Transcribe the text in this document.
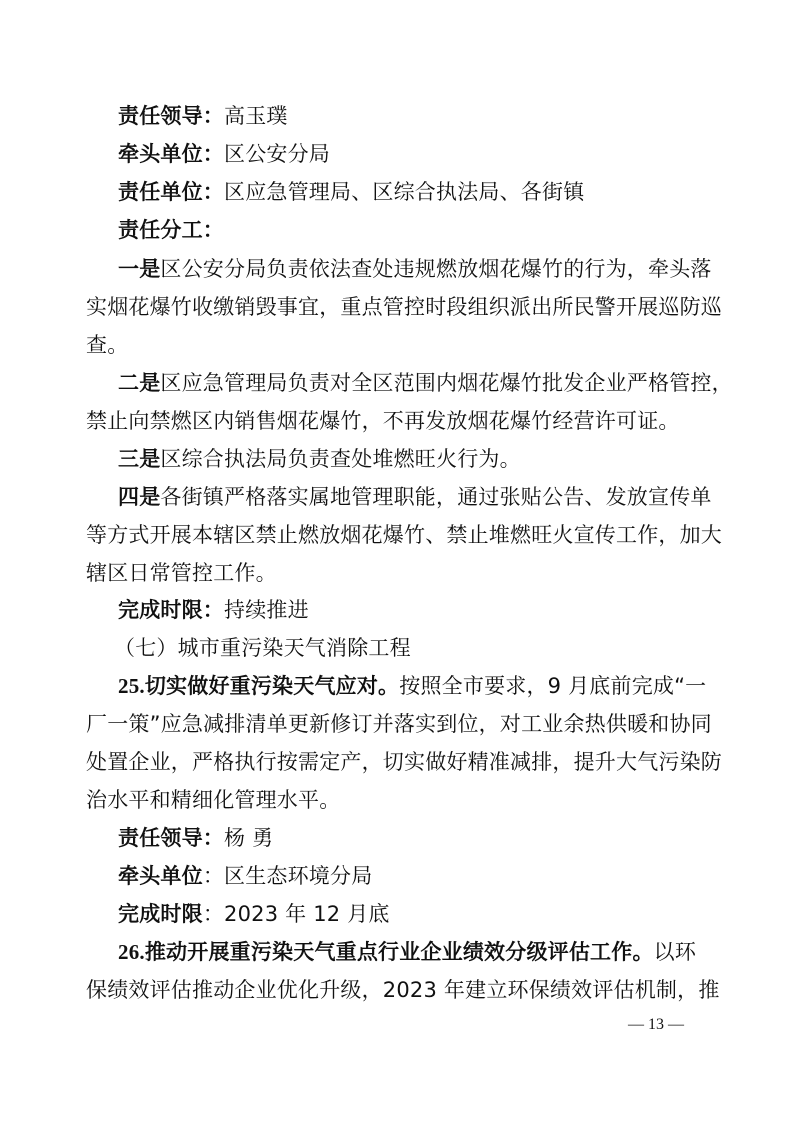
责任领导：高玉璞
牵头单位：区公安分局
责任单位：区应急管理局、区综合执法局、各街镇
责任分工：
一是区公安分局负责依法查处违规燃放烟花爆竹的行为，牵头落
实烟花爆竹收缴销毁事宜，重点管控时段组织派出所民警开展巡防巡
查。
二是区应急管理局负责对全区范围内烟花爆竹批发企业严格管控，
禁止向禁燃区内销售烟花爆竹，不再发放烟花爆竹经营许可证。
三是区综合执法局负责查处堆燃旺火行为。
四是各街镇严格落实属地管理职能，通过张贴公告、发放宣传单
等方式开展本辖区禁止燃放烟花爆竹、禁止堆燃旺火宣传工作，加大
辖区日常管控工作。
完成时限：持续推进
（七）城市重污染天气消除工程
25.切实做好重污染天气应对。按照全市要求，9 月底前完成“一
厂一策”应急减排清单更新修订并落实到位，对工业余热供暖和协同
处置企业，严格执行按需定产，切实做好精准减排，提升大气污染防
治水平和精细化管理水平。
责任领导：杨 勇
牵头单位：区生态环境分局
完成时限：2023 年 12 月底
26.推动开展重污染天气重点行业企业绩效分级评估工作。以环
保绩效评估推动企业优化升级，2023 年建立环保绩效评估机制，推
— 13 —
